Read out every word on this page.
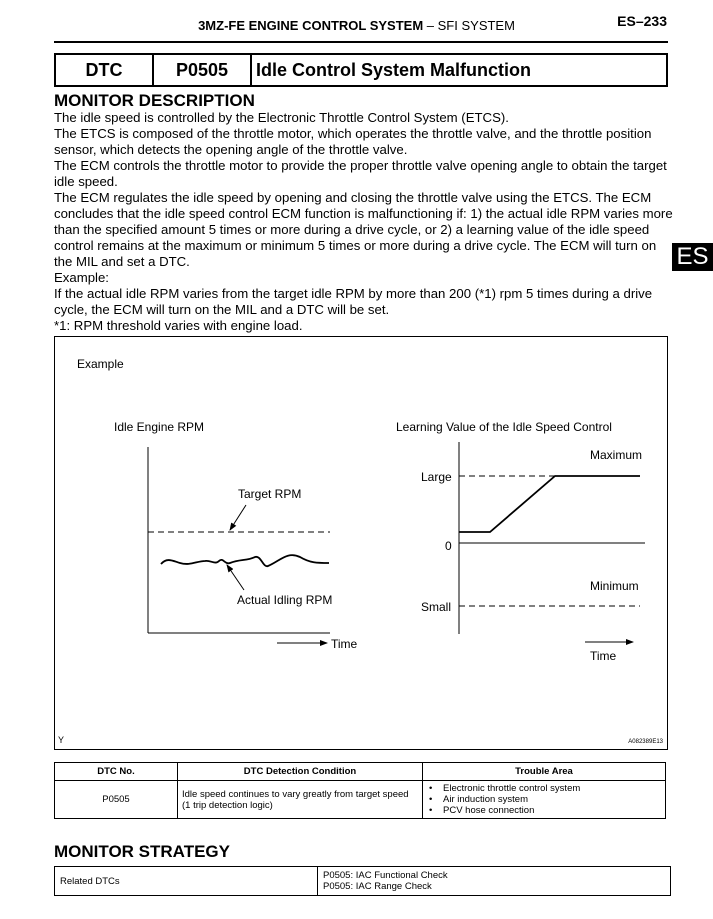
3MZ-FE ENGINE CONTROL SYSTEM – SFI SYSTEM	ES–233
DTC	P0505	Idle Control System Malfunction
MONITOR DESCRIPTION

The idle speed is controlled by the Electronic Throttle Control System (ETCS).

The ETCS is composed of the throttle motor, which operates the throttle valve, and the throttle position sensor, which detects the opening angle of the throttle valve.

The ECM controls the throttle motor to provide the proper throttle valve opening angle to obtain the target idle speed.

The ECM regulates the idle speed by opening and closing the throttle valve using the ETCS. The ECM concludes that the idle speed control ECM function is malfunctioning if: 1) the actual idle RPM varies more than the specified amount 5 times or more during a drive cycle, or 2) a learning value of the idle speed control remains at the maximum or minimum 5 times or more during a drive cycle. The ECM will turn on the MIL and set a DTC.

Example:

If the actual idle RPM varies from the target idle RPM by more than 200 (*1) rpm 5 times during a drive cycle, the ECM will turn on the MIL and a DTC will be set.

*1: RPM threshold varies with engine load.

ES
Example
Idle Engine RPM
Target RPM
Actual Idling RPM
Time
Learning Value of the Idle Speed Control
Maximum
Large
0
Minimum
Small
Time
Y	A082389E13
DTC No.	DTC Detection Condition	Trouble Area
P0505	Idle speed continues to vary greatly from target speed (1 trip detection logic)	
• Electronic throttle control system
• Air induction system
• PCV hose connection
MONITOR STRATEGY
Related DTCs	P0505: IAC Functional Check
P0505: IAC Range Check
